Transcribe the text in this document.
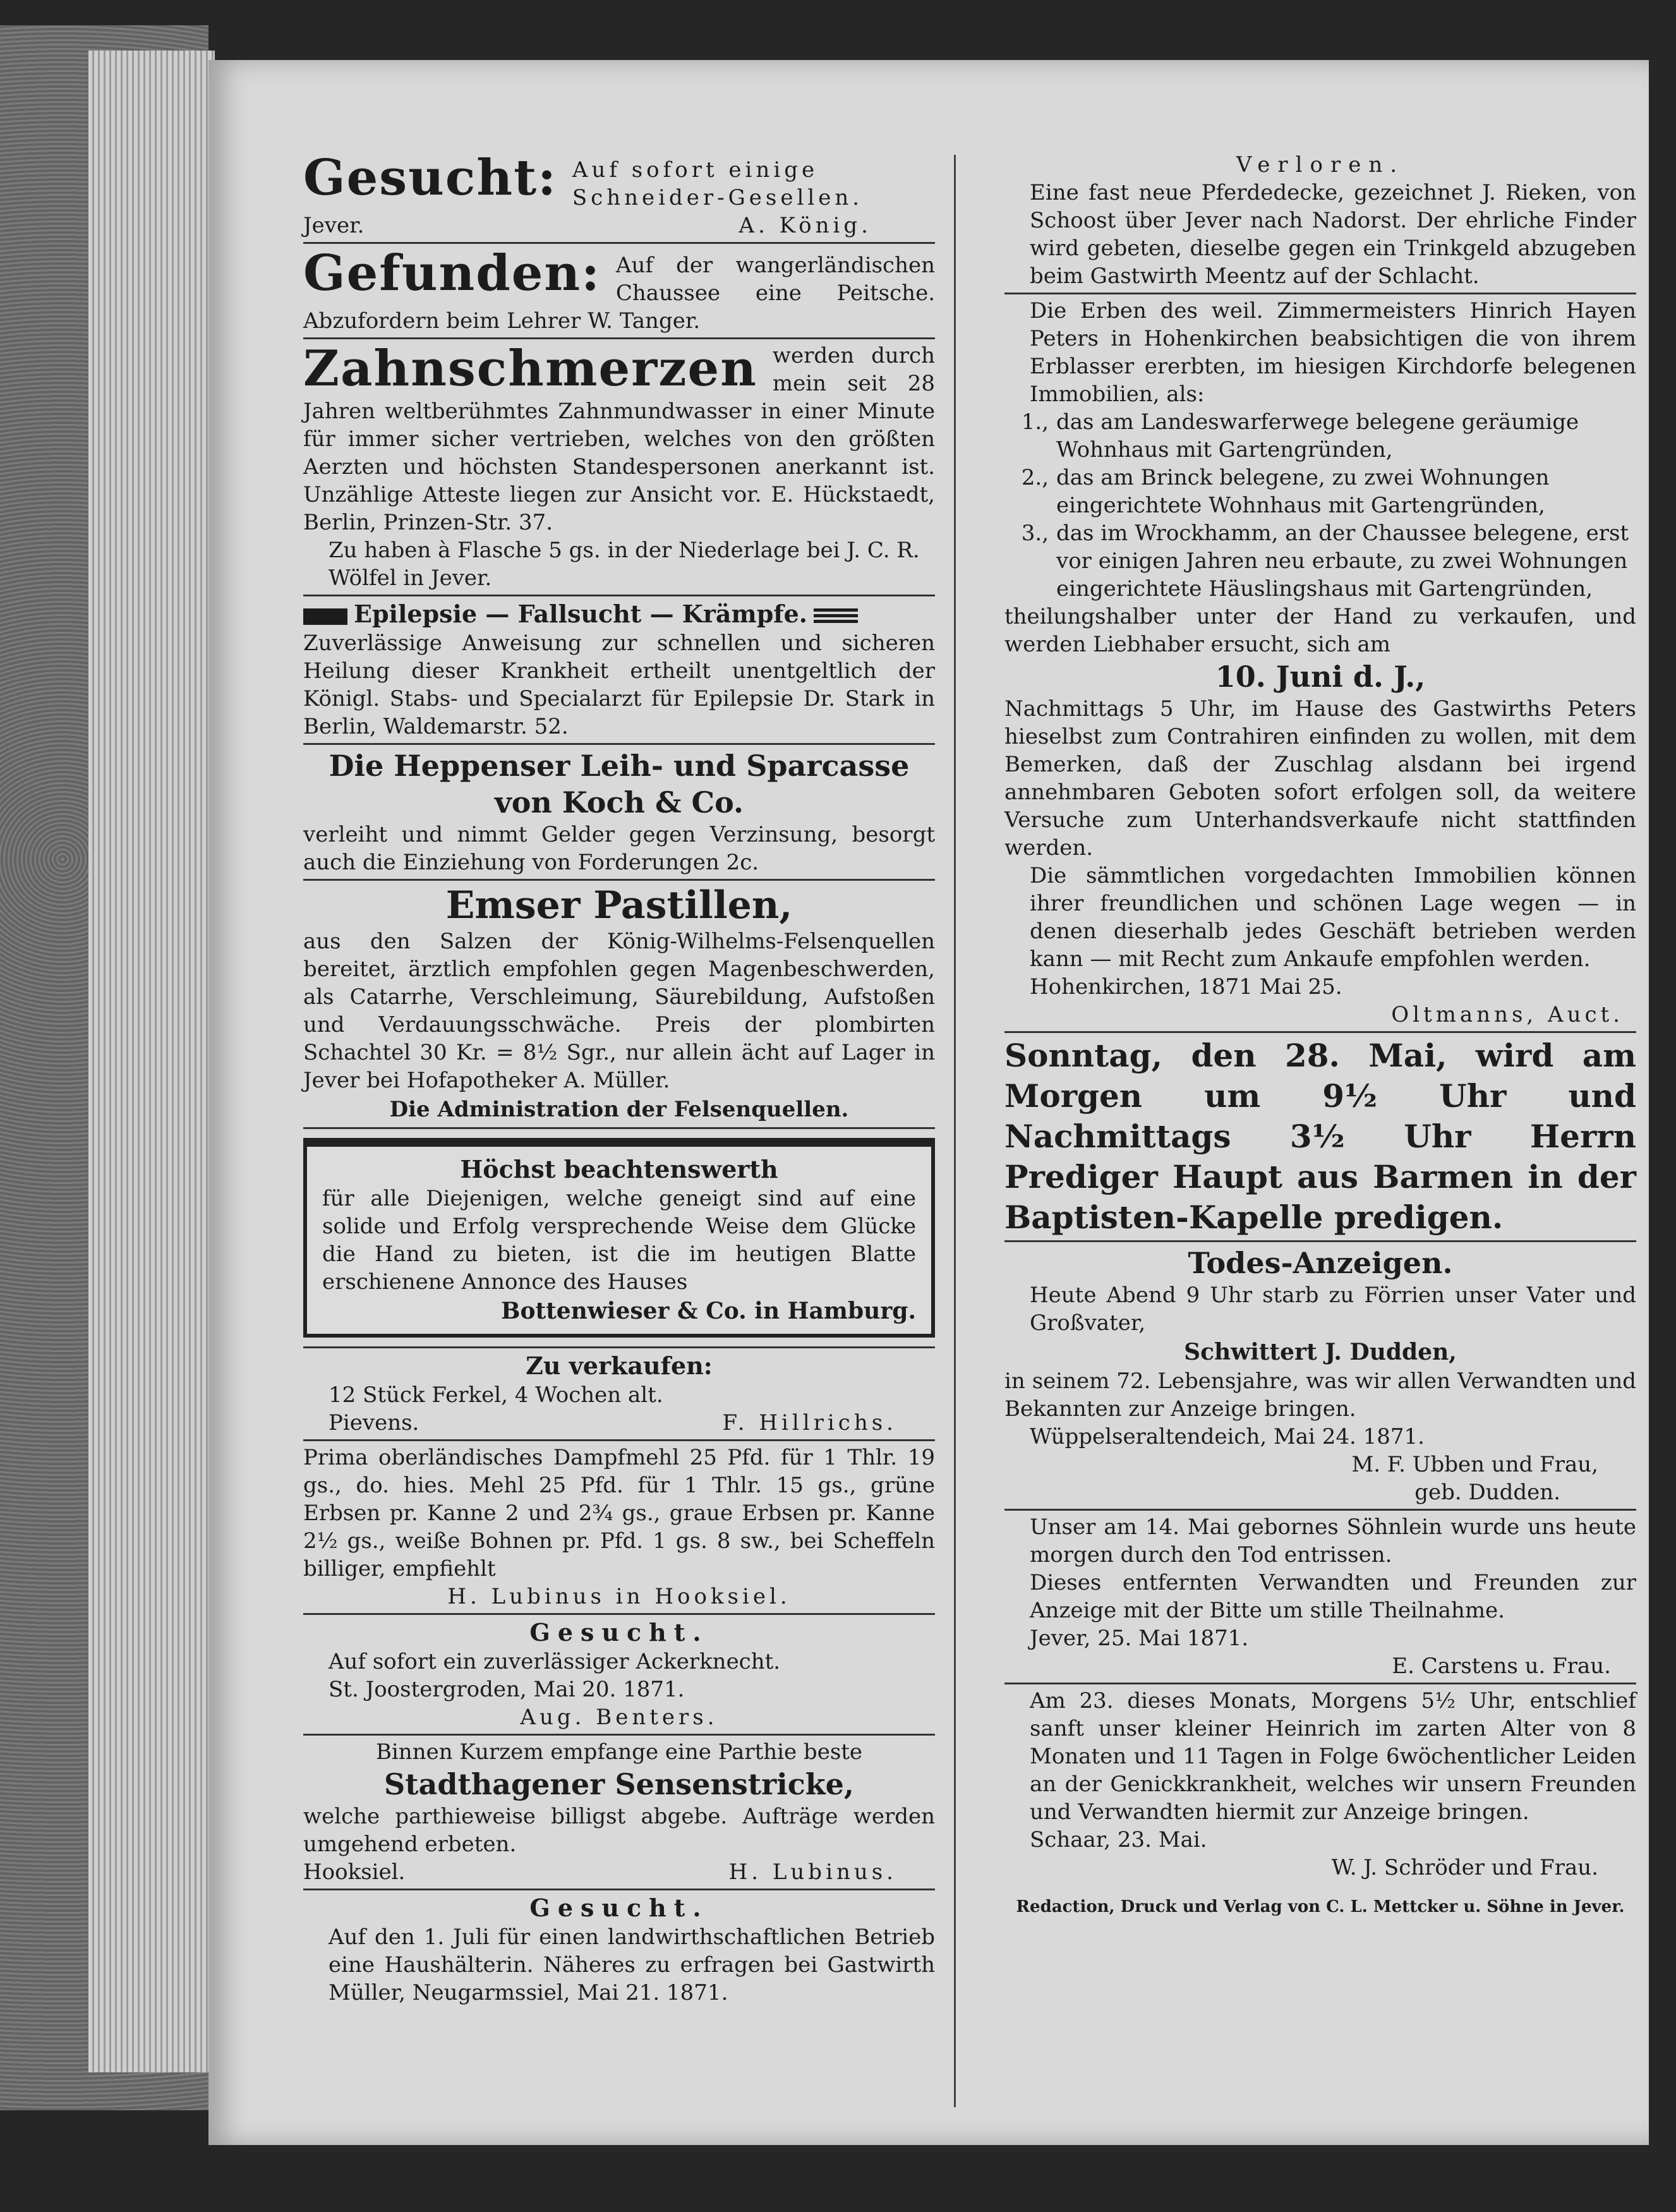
Gesucht: Auf sofort einige Schneider-Gesellen.
Jever.	A. König.
Gefunden: Auf der wangerländischen Chaussee eine Peitsche. Abzufordern beim Lehrer W. Tanger.
Zahnschmerzen werden durch mein seit 28 Jahren weltberühmtes Zahnmundwasser in einer Minute für immer sicher vertrieben, welches von den größten Aerzten und höchsten Standespersonen anerkannt ist. Unzählige Atteste liegen zur Ansicht vor. E. Hückstaedt, Berlin, Prinzen-Str. 37.
Zu haben à Flasche 5 gs. in der Niederlage bei J. C. R. Wölfel in Jever.
Epilepsie — Fallsucht — Krämpfe.
Zuverlässige Anweisung zur schnellen und sicheren Heilung dieser Krankheit ertheilt unentgeltlich der Königl. Stabs- und Specialarzt für Epilepsie Dr. Stark in Berlin, Waldemarstr. 52.
Die Heppenser Leih- und Sparcasse
von Koch & Co.
verleiht und nimmt Gelder gegen Verzinsung, besorgt auch die Einziehung von Forderungen 2c.
Emser Pastillen,
aus den Salzen der König-Wilhelms-Felsenquellen bereitet, ärztlich empfohlen gegen Magenbeschwerden, als Catarrhe, Verschleimung, Säurebildung, Aufstoßen und Verdauungsschwäche. Preis der plombirten Schachtel 30 Kr. = 8½ Sgr., nur allein ächt auf Lager in Jever bei Hofapotheker A. Müller.
Die Administration der Felsenquellen.
Höchst beachtenswerth
für alle Diejenigen, welche geneigt sind auf eine solide und Erfolg versprechende Weise dem Glücke die Hand zu bieten, ist die im heutigen Blatte erschienene Annonce des Hauses
Bottenwieser & Co. in Hamburg.
Zu verkaufen:
12 Stück Ferkel, 4 Wochen alt.
Pievens.	F. Hillrichs.
Prima oberländisches Dampfmehl 25 Pfd. für 1 Thlr. 19 gs., do. hies. Mehl 25 Pfd. für 1 Thlr. 15 gs., grüne Erbsen pr. Kanne 2 und 2¾ gs., graue Erbsen pr. Kanne 2½ gs., weiße Bohnen pr. Pfd. 1 gs. 8 sw., bei Scheffeln billiger, empfiehlt
H. Lubinus in Hooksiel.
Gesucht.
Auf sofort ein zuverlässiger Ackerknecht.
St. Joostergroden, Mai 20. 1871.
Aug. Benters.
Binnen Kurzem empfange eine Parthie beste
Stadthagener Sensenstricke,
welche parthieweise billigst abgebe. Aufträge werden umgehend erbeten.
Hooksiel.	H. Lubinus.
Gesucht.
Auf den 1. Juli für einen landwirthschaftlichen Betrieb eine Haushälterin. Näheres zu erfragen bei Gastwirth Müller, Neugarmssiel, Mai 21. 1871.
Verloren.
Eine fast neue Pferdedecke, gezeichnet J. Rieken, von Schoost über Jever nach Nadorst. Der ehrliche Finder wird gebeten, dieselbe gegen ein Trinkgeld abzugeben beim Gastwirth Meentz auf der Schlacht.
Die Erben des weil. Zimmermeisters Hinrich Hayen Peters in Hohenkirchen beabsichtigen die von ihrem Erblasser ererbten, im hiesigen Kirchdorfe belegenen Immobilien, als:
1., das am Landeswarferwege belegene geräumige Wohnhaus mit Gartengründen,
2., das am Brinck belegene, zu zwei Wohnungen eingerichtete Wohnhaus mit Gartengründen,
3., das im Wrockhamm, an der Chaussee belegene, erst vor einigen Jahren neu erbaute, zu zwei Wohnungen eingerichtete Häuslingshaus mit Gartengründen,
theilungshalber unter der Hand zu verkaufen, und werden Liebhaber ersucht, sich am
10. Juni d. J.,
Nachmittags 5 Uhr, im Hause des Gastwirths Peters hieselbst zum Contrahiren einfinden zu wollen, mit dem Bemerken, daß der Zuschlag alsdann bei irgend annehmbaren Geboten sofort erfolgen soll, da weitere Versuche zum Unterhandsverkaufe nicht stattfinden werden.
Die sämmtlichen vorgedachten Immobilien können ihrer freundlichen und schönen Lage wegen — in denen dieserhalb jedes Geschäft betrieben werden kann — mit Recht zum Ankaufe empfohlen werden.
Hohenkirchen, 1871 Mai 25.
Oltmanns, Auct.
Sonntag, den 28. Mai, wird am Morgen um 9½ Uhr und Nachmittags 3½ Uhr Herrn Prediger Haupt aus Barmen in der Baptisten-Kapelle predigen.
Todes-Anzeigen.
Heute Abend 9 Uhr starb zu Förrien unser Vater und Großvater,
Schwittert J. Dudden,
in seinem 72. Lebensjahre, was wir allen Verwandten und Bekannten zur Anzeige bringen.
Wüppelseraltendeich, Mai 24. 1871.
M. F. Ubben und Frau,
geb. Dudden.
Unser am 14. Mai gebornes Söhnlein wurde uns heute morgen durch den Tod entrissen.
Dieses entfernten Verwandten und Freunden zur Anzeige mit der Bitte um stille Theilnahme.
Jever, 25. Mai 1871.
E. Carstens u. Frau.
Am 23. dieses Monats, Morgens 5½ Uhr, entschlief sanft unser kleiner Heinrich im zarten Alter von 8 Monaten und 11 Tagen in Folge 6wöchentlicher Leiden an der Genickkrankheit, welches wir unsern Freunden und Verwandten hiermit zur Anzeige bringen.
Schaar, 23. Mai.
W. J. Schröder und Frau.
Redaction, Druck und Verlag von C. L. Mettcker u. Söhne in Jever.
